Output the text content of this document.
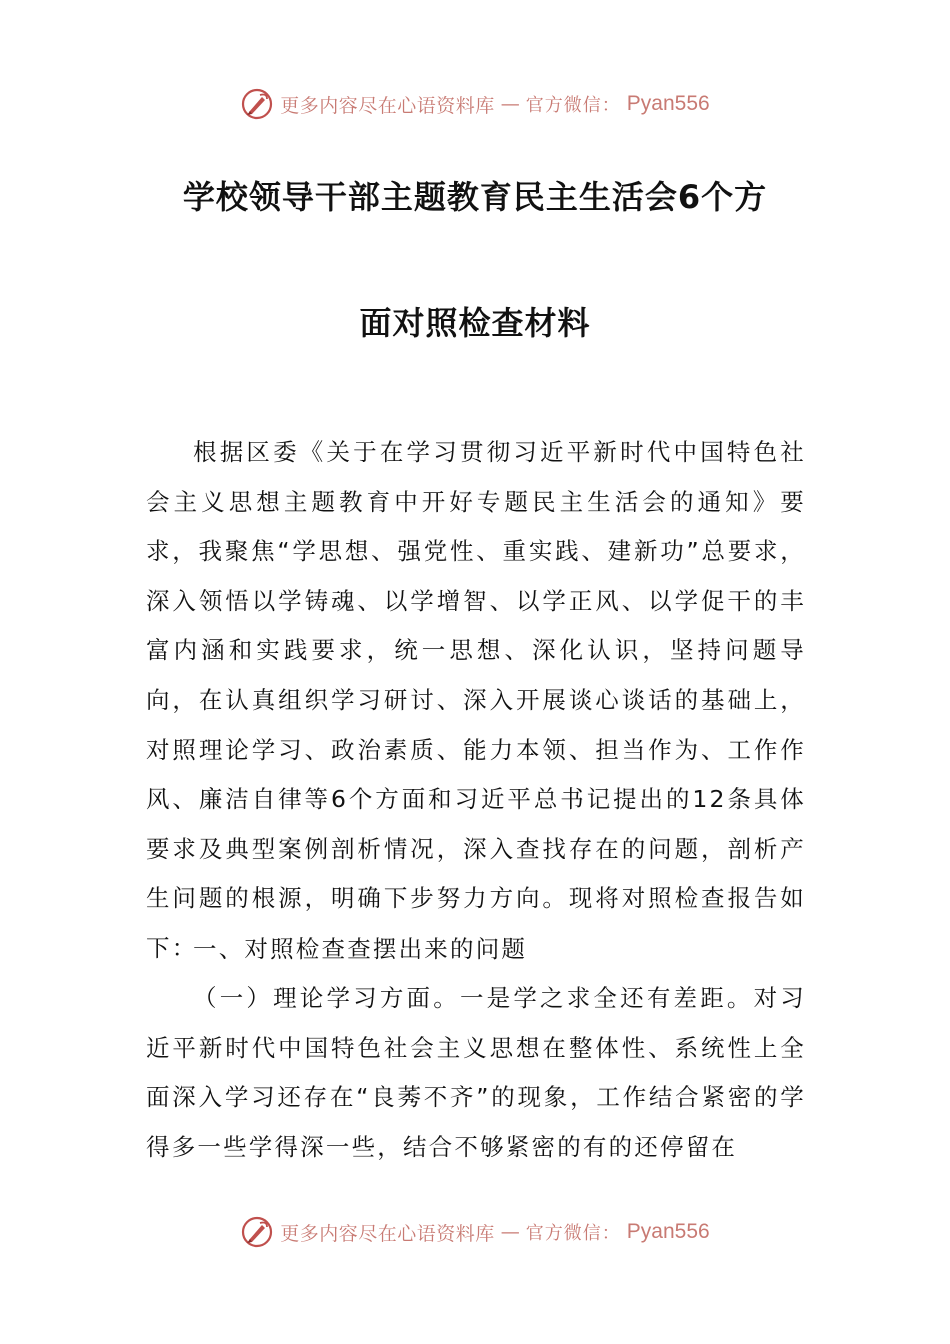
更多内容尽在心语资料库 — 官方微信： Pyan556
学校领导干部主题教育民主生活会6个方
面对照检查材料

根据区委《关于在学习贯彻习近平新时代中国特色社会主义思想主题教育中开好专题民主生活会的通知》要求，我聚焦“学思想、强党性、重实践、建新功”总要求，深入领悟以学铸魂、以学增智、以学正风、以学促干的丰富内涵和实践要求，统一思想、深化认识，坚持问题导向，在认真组织学习研讨、深入开展谈心谈话的基础上，对照理论学习、政治素质、能力本领、担当作为、工作作风、廉洁自律等6个方面和习近平总书记提出的12条具体要求及典型案例剖析情况，深入查找存在的问题，剖析产生问题的根源，明确下步努力方向。现将对照检查报告如下：

一、对照检查查摆出来的问题

（一）理论学习方面。一是学之求全还有差距。对习近平新时代中国特色社会主义思想在整体性、系统性上全面深入学习还存在“良莠不齐”的现象，工作结合紧密的学得多一些学得深一些，结合不够紧密的有的还停留在

更多内容尽在心语资料库 — 官方微信： Pyan556
